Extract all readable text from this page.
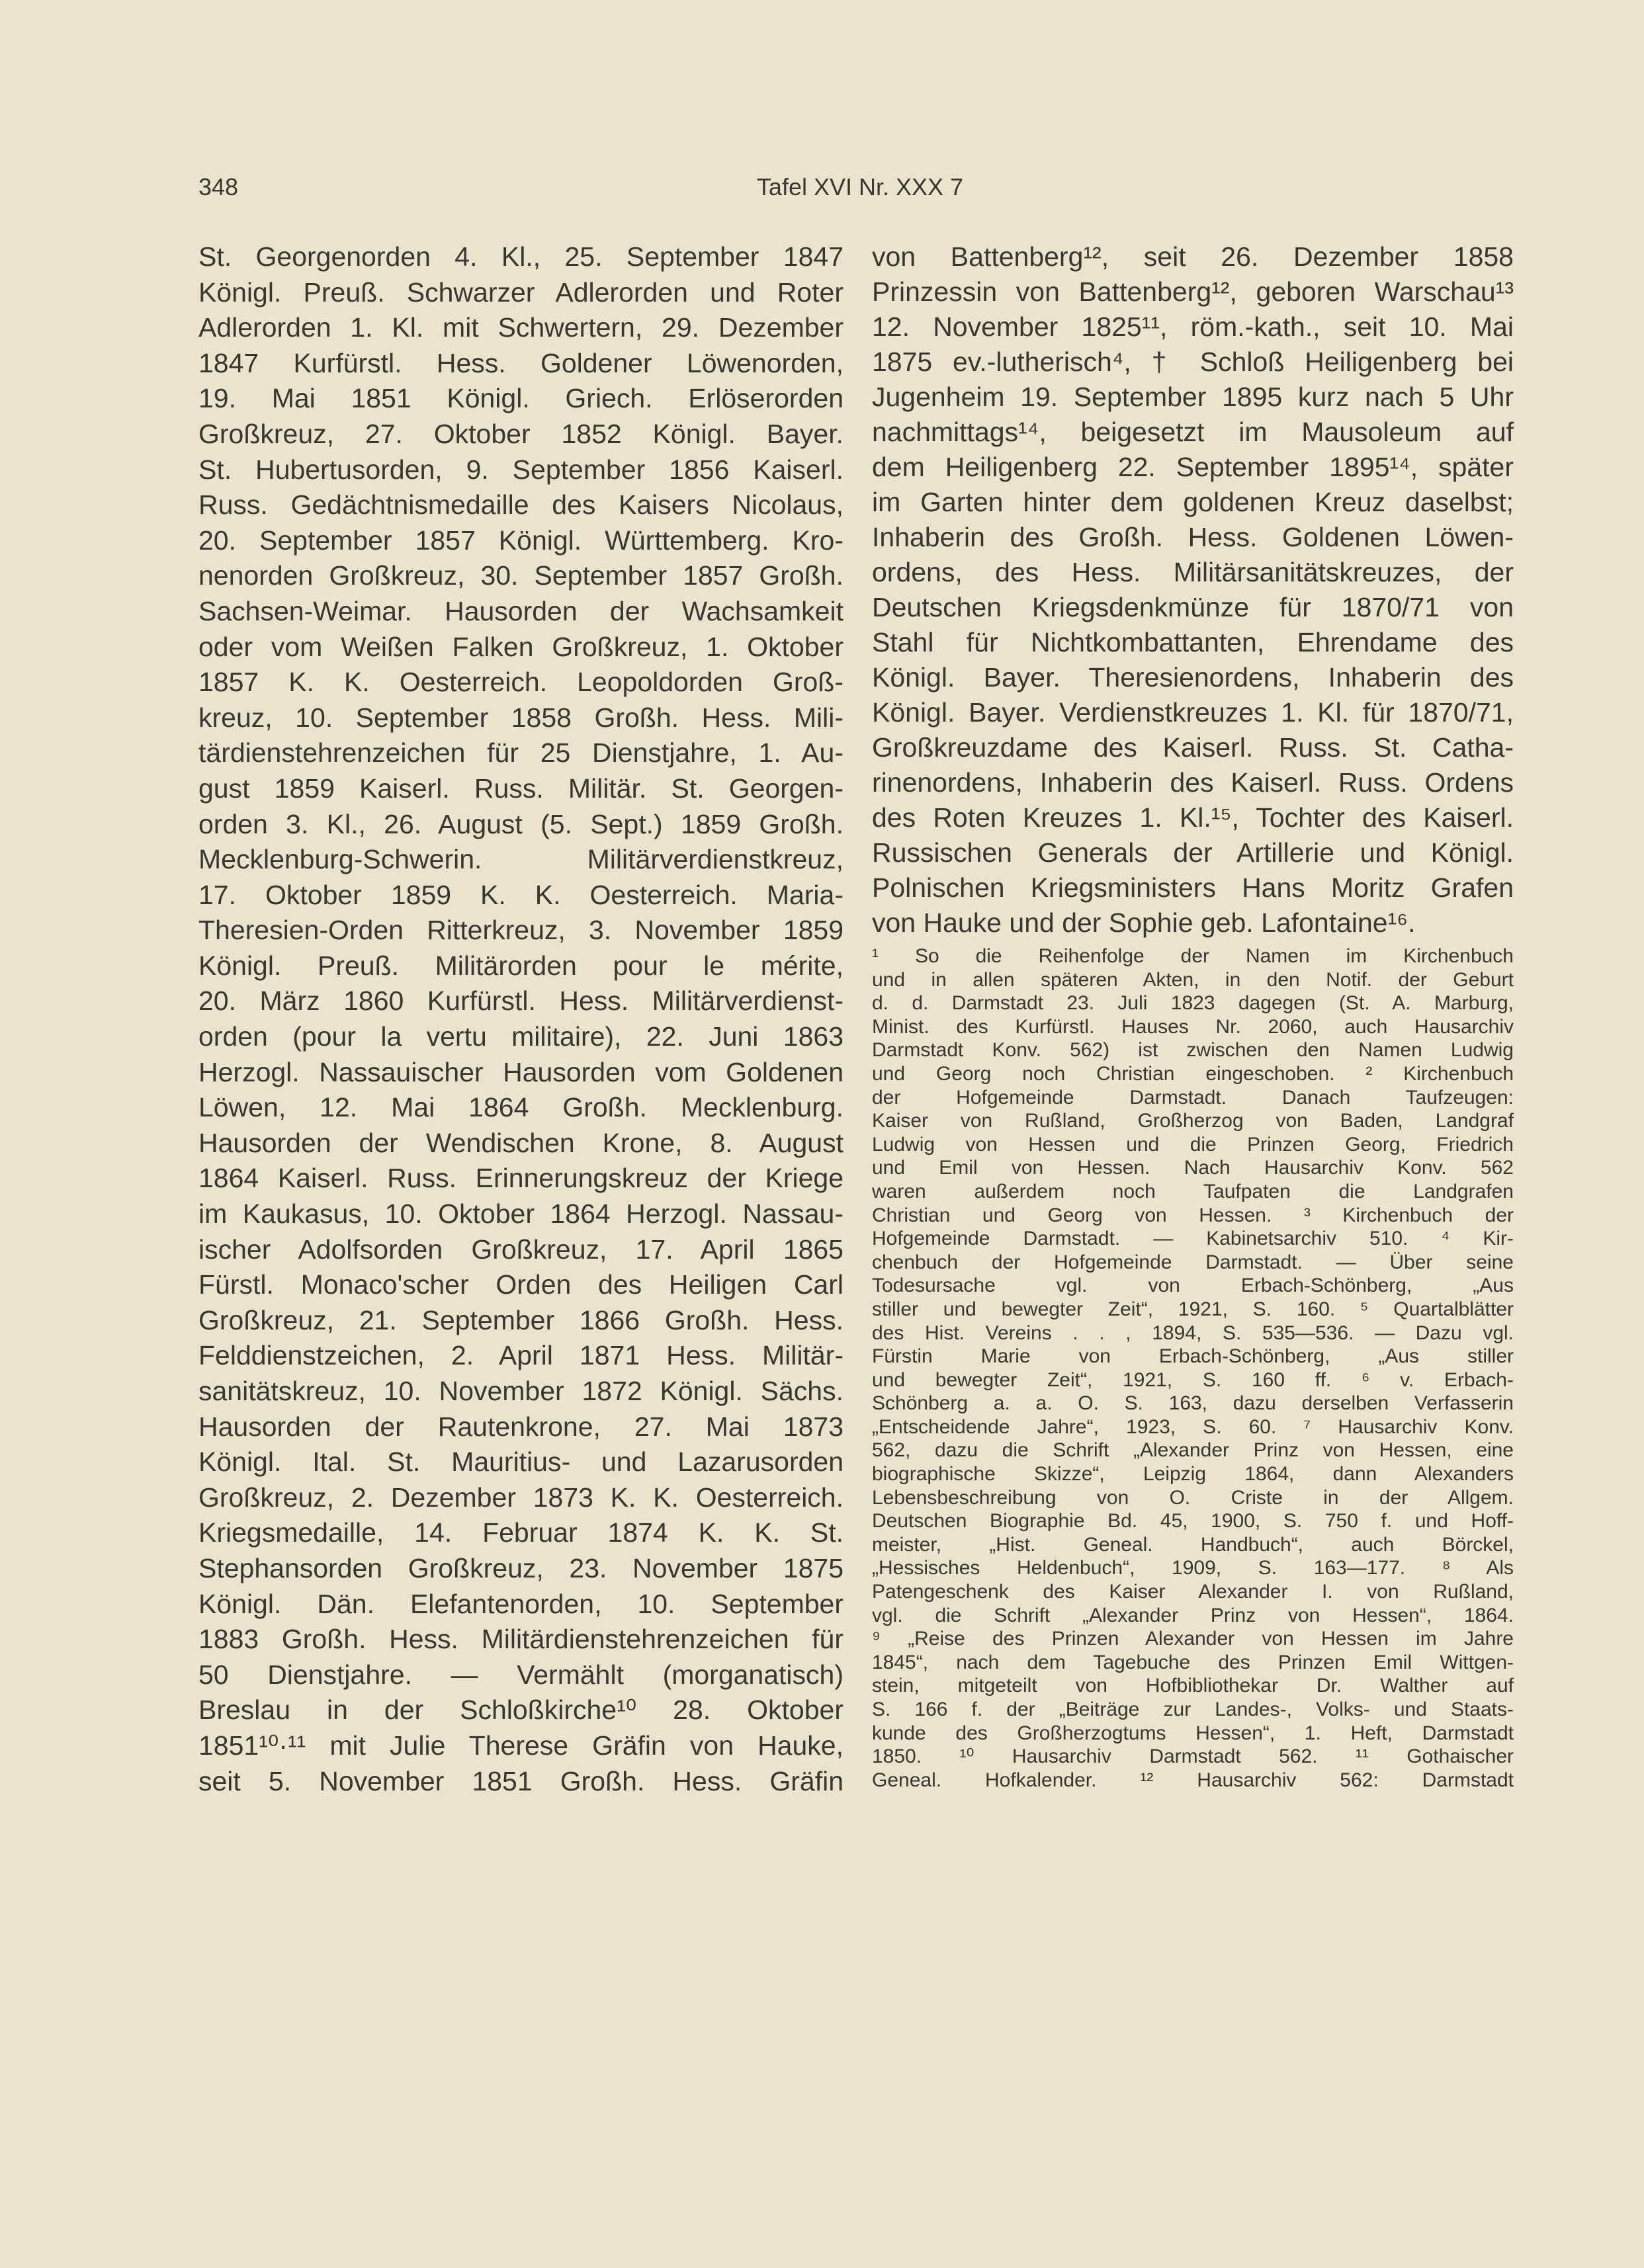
348	Tafel XVI Nr. XXX 7
St. Georgenorden 4. Kl., 25. September 1847
Königl. Preuß. Schwarzer Adlerorden und Roter
Adlerorden 1. Kl. mit Schwertern, 29. Dezember
1847 Kurfürstl. Hess. Goldener Löwenorden,
19. Mai 1851 Königl. Griech. Erlöserorden
Großkreuz, 27. Oktober 1852 Königl. Bayer.
St. Hubertusorden, 9. September 1856 Kaiserl.
Russ. Gedächtnismedaille des Kaisers Nicolaus,
20. September 1857 Königl. Württemberg. Kro-
nenorden Großkreuz, 30. September 1857 Großh.
Sachsen-Weimar. Hausorden der Wachsamkeit
oder vom Weißen Falken Großkreuz, 1. Oktober
1857 K. K. Oesterreich. Leopoldorden Groß-
kreuz, 10. September 1858 Großh. Hess. Mili-
tärdienstehrenzeichen für 25 Dienstjahre, 1. Au-
gust 1859 Kaiserl. Russ. Militär. St. Georgen-
orden 3. Kl., 26. August (5. Sept.) 1859 Großh.
Mecklenburg-Schwerin. Militärverdienstkreuz,
17. Oktober 1859 K. K. Oesterreich. Maria-
Theresien-Orden Ritterkreuz, 3. November 1859
Königl. Preuß. Militärorden pour le mérite,
20. März 1860 Kurfürstl. Hess. Militärverdienst-
orden (pour la vertu militaire), 22. Juni 1863
Herzogl. Nassauischer Hausorden vom Goldenen
Löwen, 12. Mai 1864 Großh. Mecklenburg.
Hausorden der Wendischen Krone, 8. August
1864 Kaiserl. Russ. Erinnerungskreuz der Kriege
im Kaukasus, 10. Oktober 1864 Herzogl. Nassau-
ischer Adolfsorden Großkreuz, 17. April 1865
Fürstl. Monaco'scher Orden des Heiligen Carl
Großkreuz, 21. September 1866 Großh. Hess.
Felddienstzeichen, 2. April 1871 Hess. Militär-
sanitätskreuz, 10. November 1872 Königl. Sächs.
Hausorden der Rautenkrone, 27. Mai 1873
Königl. Ital. St. Mauritius- und Lazarusorden
Großkreuz, 2. Dezember 1873 K. K. Oesterreich.
Kriegsmedaille, 14. Februar 1874 K. K. St.
Stephansorden Großkreuz, 23. November 1875
Königl. Dän. Elefantenorden, 10. September
1883 Großh. Hess. Militärdienstehrenzeichen für
50 Dienstjahre. — Vermählt (morganatisch)
Breslau in der Schloßkirche¹⁰ 28. Oktober
1851¹⁰·¹¹ mit Julie Therese Gräfin von Hauke,
seit 5. November 1851 Großh. Hess. Gräfin
von Battenberg¹², seit 26. Dezember 1858
Prinzessin von Battenberg¹², geboren Warschau¹³
12. November 1825¹¹, röm.-kath., seit 10. Mai
1875 ev.-lutherisch⁴, † Schloß Heiligenberg bei
Jugenheim 19. September 1895 kurz nach 5 Uhr
nachmittags¹⁴, beigesetzt im Mausoleum auf
dem Heiligenberg 22. September 1895¹⁴, später
im Garten hinter dem goldenen Kreuz daselbst;
Inhaberin des Großh. Hess. Goldenen Löwen-
ordens, des Hess. Militärsanitätskreuzes, der
Deutschen Kriegsdenkmünze für 1870/71 von
Stahl für Nichtkombattanten, Ehrendame des
Königl. Bayer. Theresienordens, Inhaberin des
Königl. Bayer. Verdienstkreuzes 1. Kl. für 1870/71,
Großkreuzdame des Kaiserl. Russ. St. Catha-
rinenordens, Inhaberin des Kaiserl. Russ. Ordens
des Roten Kreuzes 1. Kl.¹⁵, Tochter des Kaiserl.
Russischen Generals der Artillerie und Königl.
Polnischen Kriegsministers Hans Moritz Grafen
von Hauke und der Sophie geb. Lafontaine¹⁶.
¹ So die Reihenfolge der Namen im Kirchenbuch
und in allen späteren Akten, in den Notif. der Geburt
d. d. Darmstadt 23. Juli 1823 dagegen (St. A. Marburg,
Minist. des Kurfürstl. Hauses Nr. 2060, auch Hausarchiv
Darmstadt Konv. 562) ist zwischen den Namen Ludwig
und Georg noch Christian eingeschoben. ² Kirchenbuch
der Hofgemeinde Darmstadt. Danach Taufzeugen:
Kaiser von Rußland, Großherzog von Baden, Landgraf
Ludwig von Hessen und die Prinzen Georg, Friedrich
und Emil von Hessen. Nach Hausarchiv Konv. 562
waren außerdem noch Taufpaten die Landgrafen
Christian und Georg von Hessen. ³ Kirchenbuch der
Hofgemeinde Darmstadt. — Kabinetsarchiv 510. ⁴ Kir-
chenbuch der Hofgemeinde Darmstadt. — Über seine
Todesursache vgl. von Erbach-Schönberg, „Aus
stiller und bewegter Zeit“, 1921, S. 160. ⁵ Quartalblätter
des Hist. Vereins . . , 1894, S. 535—536. — Dazu vgl.
Fürstin Marie von Erbach-Schönberg, „Aus stiller
und bewegter Zeit“, 1921, S. 160 ff. ⁶ v. Erbach-
Schönberg a. a. O. S. 163, dazu derselben Verfasserin
„Entscheidende Jahre“, 1923, S. 60. ⁷ Hausarchiv Konv.
562, dazu die Schrift „Alexander Prinz von Hessen, eine
biographische Skizze“, Leipzig 1864, dann Alexanders
Lebensbeschreibung von O. Criste in der Allgem.
Deutschen Biographie Bd. 45, 1900, S. 750 f. und Hoff-
meister, „Hist. Geneal. Handbuch“, auch Börckel,
„Hessisches Heldenbuch“, 1909, S. 163—177. ⁸ Als
Patengeschenk des Kaiser Alexander I. von Rußland,
vgl. die Schrift „Alexander Prinz von Hessen“, 1864.
⁹ „Reise des Prinzen Alexander von Hessen im Jahre
1845“, nach dem Tagebuche des Prinzen Emil Wittgen-
stein, mitgeteilt von Hofbibliothekar Dr. Walther auf
S. 166 f. der „Beiträge zur Landes-, Volks- und Staats-
kunde des Großherzogtums Hessen“, 1. Heft, Darmstadt
1850. ¹⁰ Hausarchiv Darmstadt 562. ¹¹ Gothaischer
Geneal. Hofkalender. ¹² Hausarchiv 562: Darmstadt
